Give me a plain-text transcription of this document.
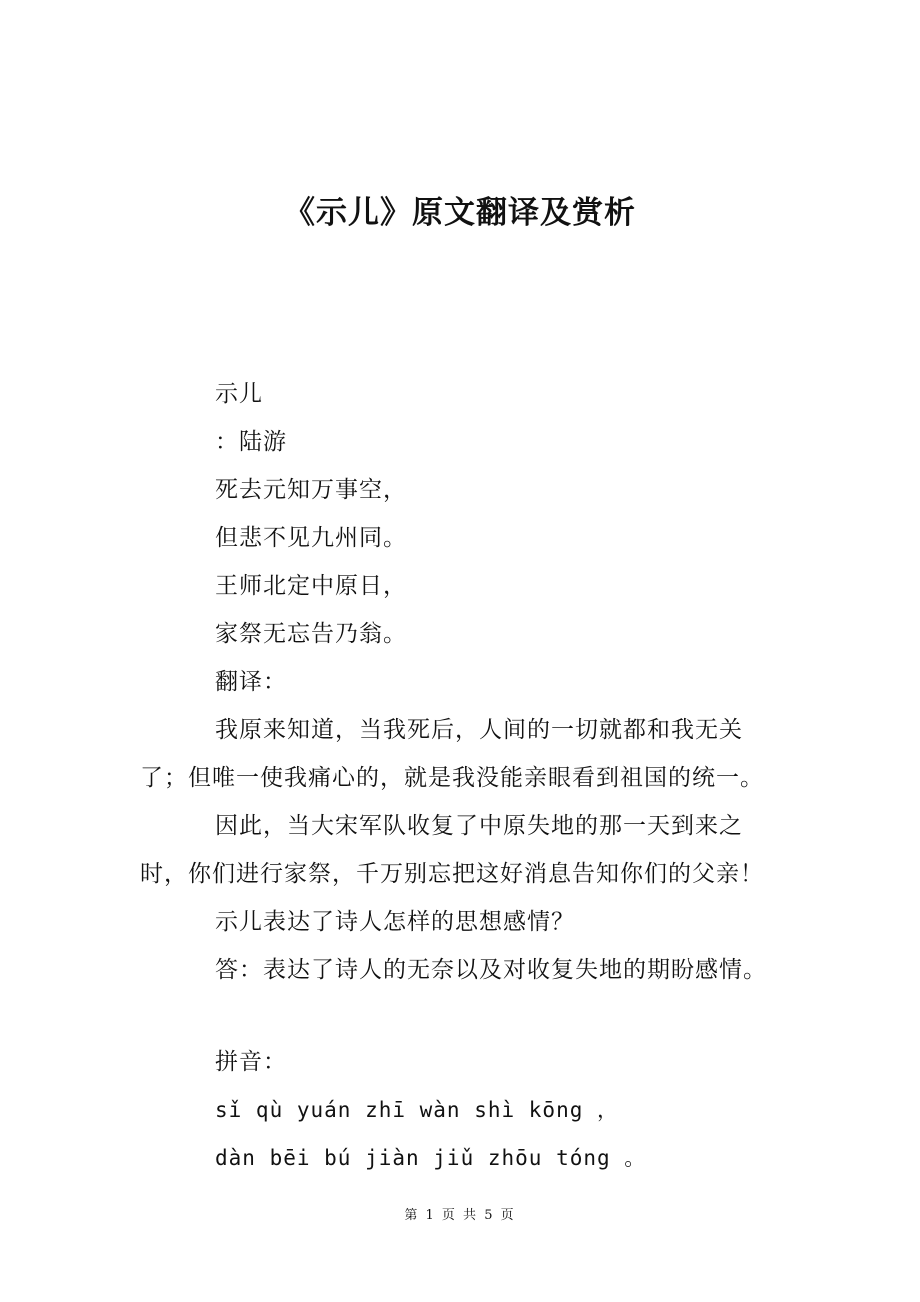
《示儿》原文翻译及赏析
示儿
：陆游
死去元知万事空，
但悲不见九州同。
王师北定中原日，
家祭无忘告乃翁。
翻译：
我原来知道，当我死后，人间的一切就都和我无关了；但唯一使我痛心的，就是我没能亲眼看到祖国的统一。
因此，当大宋军队收复了中原失地的那一天到来之时，你们进行家祭，千万别忘把这好消息告知你们的父亲！
示儿表达了诗人怎样的思想感情？
答：表达了诗人的无奈以及对收复失地的期盼感情。
拼音：
sǐ qù yuán zhī wàn shì kōng ，
dàn bēi bú jiàn jiǔ zhōu tóng 。
第 1 页 共 5 页
